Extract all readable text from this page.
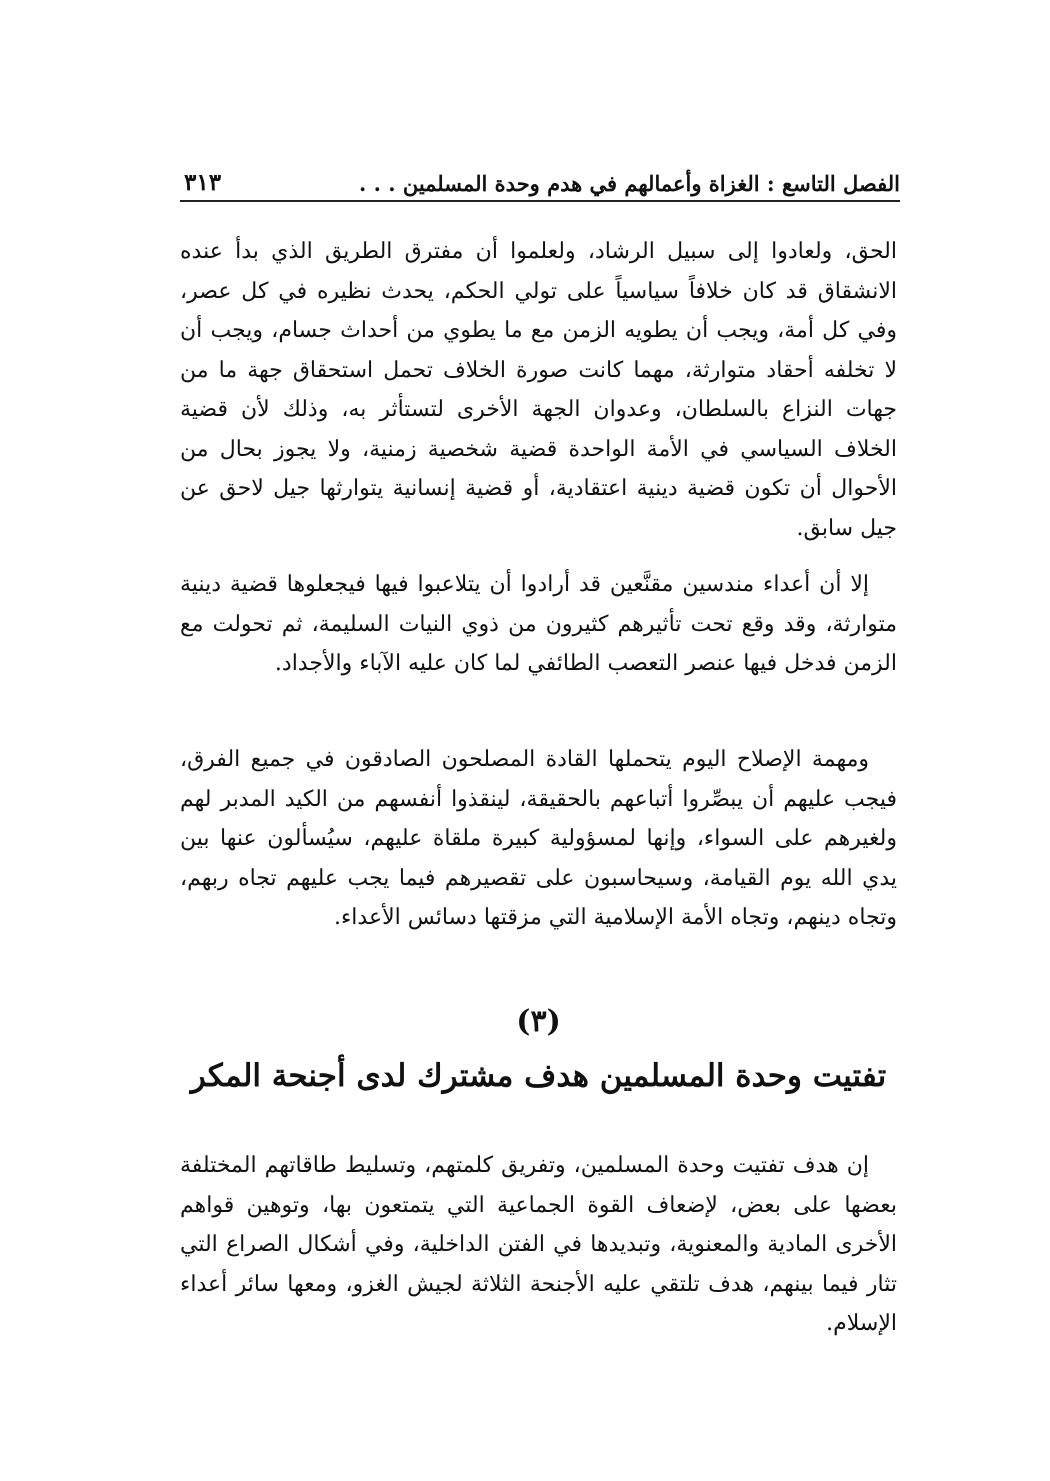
الفصل التاسع : الغزاة وأعمالهم في هدم وحدة المسلمين . . .
٣١٣

الحق، ولعادوا إلى سبيل الرشاد، ولعلموا أن مفترق الطريق الذي بدأ عنده الانشقاق قد كان خلافاً سياسياً على تولي الحكم، يحدث نظيره في كل عصر، وفي كل أمة، ويجب أن يطويه الزمن مع ما يطوي من أحداث جسام، ويجب أن لا تخلفه أحقاد متوارثة، مهما كانت صورة الخلاف تحمل استحقاق جهة ما من جهات النزاع بالسلطان، وعدوان الجهة الأخرى لتستأثر به، وذلك لأن قضية الخلاف السياسي في الأمة الواحدة قضية شخصية زمنية، ولا يجوز بحال من الأحوال أن تكون قضية دينية اعتقادية، أو قضية إنسانية يتوارثها جيل لاحق عن جيل سابق.

إلا أن أعداء مندسين مقنَّعين قد أرادوا أن يتلاعبوا فيها فيجعلوها قضية دينية متوارثة، وقد وقع تحت تأثيرهم كثيرون من ذوي النيات السليمة، ثم تحولت مع الزمن فدخل فيها عنصر التعصب الطائفي لما كان عليه الآباء والأجداد.

ومهمة الإصلاح اليوم يتحملها القادة المصلحون الصادقون في جميع الفرق، فيجب عليهم أن يبصِّروا أتباعهم بالحقيقة، لينقذوا أنفسهم من الكيد المدبر لهم ولغيرهم على السواء، وإنها لمسؤولية كبيرة ملقاة عليهم، سيُسألون عنها بين يدي الله يوم القيامة، وسيحاسبون على تقصيرهم فيما يجب عليهم تجاه ربهم، وتجاه دينهم، وتجاه الأمة الإسلامية التي مزقتها دسائس الأعداء.

(٣)
تفتيت وحدة المسلمين هدف مشترك لدى أجنحة المكر

إن هدف تفتيت وحدة المسلمين، وتفريق كلمتهم، وتسليط طاقاتهم المختلفة بعضها على بعض، لإضعاف القوة الجماعية التي يتمتعون بها، وتوهين قواهم الأخرى المادية والمعنوية، وتبديدها في الفتن الداخلية، وفي أشكال الصراع التي تثار فيما بينهم، هدف تلتقي عليه الأجنحة الثلاثة لجيش الغزو، ومعها سائر أعداء الإسلام.
